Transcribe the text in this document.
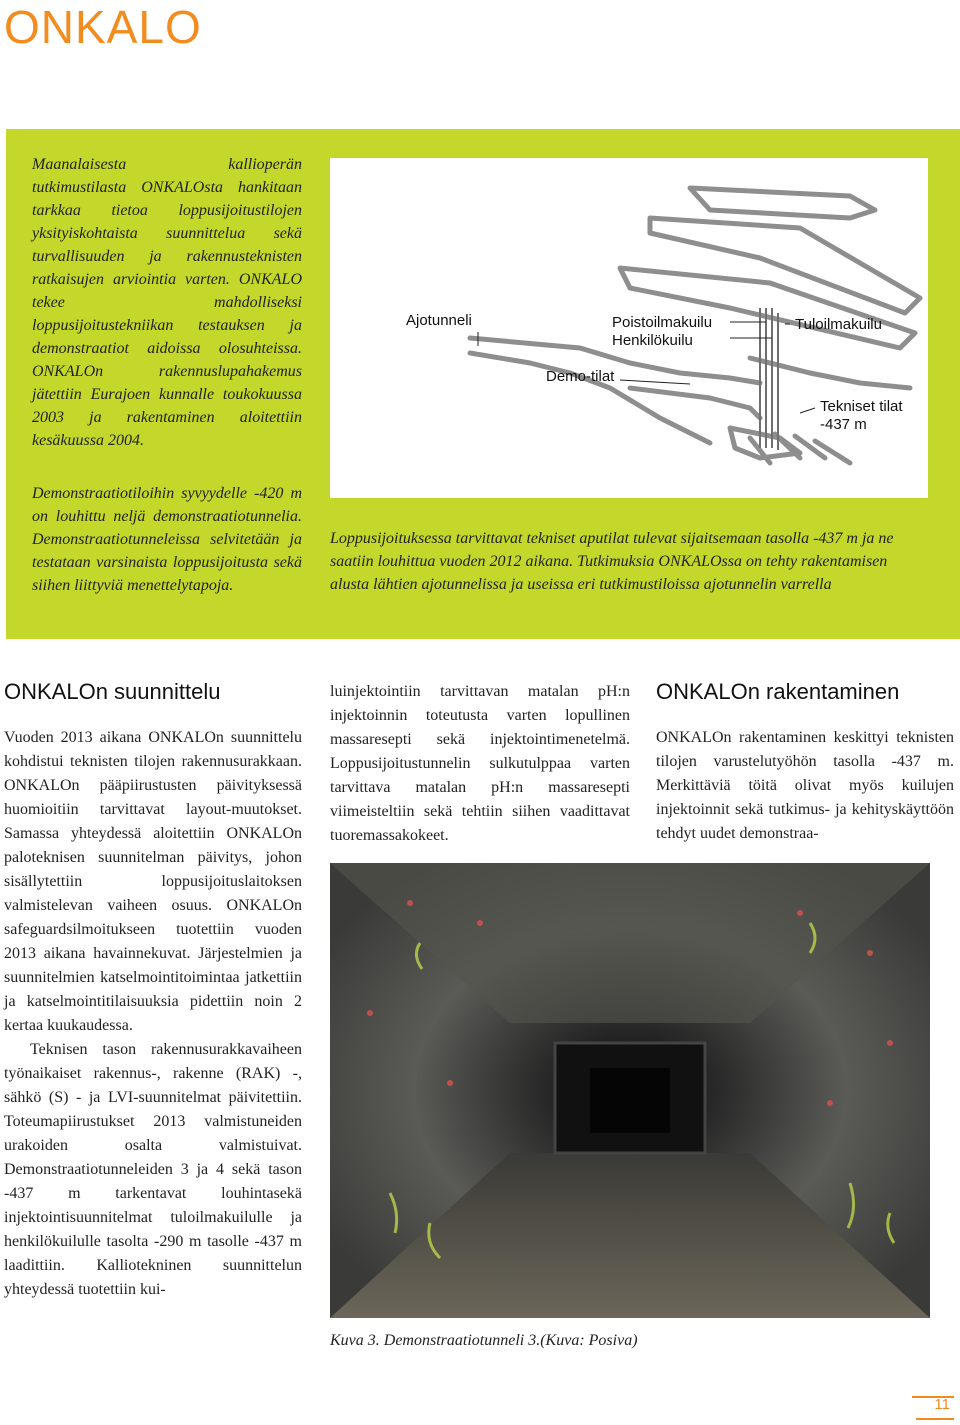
ONKALO

Maanalaisesta kallioperän tutkimustilasta ONKALOsta hankitaan tarkkaa tietoa loppusijoitustilojen yksityiskohtaista suunnittelua sekä turvallisuuden ja rakennusteknisten ratkaisujen arviointia varten. ONKALO tekee mahdolliseksi loppusijoitustekniikan testauksen ja demonstraatiot aidoissa olosuhteissa. ONKALOn rakennuslupahakemus jätettiin Eurajoen kunnalle toukokuussa 2003 ja rakentaminen aloitettiin kesäkuussa 2004.

Demonstraatiotiloihin syvyydelle -420 m on louhittu neljä demonstraatiotunnelia. Demonstraatiotunneleissa selvitetään ja testataan varsinaista loppusijoitusta sekä siihen liittyviä menettelytapoja.

Ajotunneli	Poistoilmakuilu
Henkilökuilu
Tuloilmakuilu
Demo-tilat
Tekniset tilat
-437 m
Loppusijoituksessa tarvittavat tekniset aputilat tulevat sijaitsemaan tasolla -437 m ja ne saatiin louhittua vuoden 2012 aikana. Tutkimuksia ONKALOssa on tehty rakentamisen alusta lähtien ajotunnelissa ja useissa eri tutkimustiloissa ajotunnelin varrella
ONKALOn suunnittelu

Vuoden 2013 aikana ONKALOn suunnittelu kohdistui teknisten tilojen rakennusurakkaan. ONKALOn pääpiirustusten päivityksessä huomioitiin tarvittavat layout-muutokset. Samassa yhteydessä aloitettiin ONKALOn paloteknisen suunnitelman päivitys, johon sisällytettiin loppusijoituslaitoksen valmistelevan vaiheen osuus. ONKALOn safeguardsilmoitukseen tuotettiin vuoden 2013 aikana havainnekuvat. Järjestelmien ja suunnitelmien katselmointitoimintaa jatkettiin ja katselmointitilaisuuksia pidettiin noin 2 kertaa kuukaudessa.

Teknisen tason rakennusurakkavaiheen työnaikaiset rakennus-, rakenne (RAK) -, sähkö (S) - ja LVI-suunnitelmat päivitettiin. Toteumapiirustukset 2013 valmistuneiden urakoiden osalta valmistuivat. Demonstraatiotunneleiden 3 ja 4 sekä tason -437 m tarkentavat louhintasekä injektointisuunnitelmat tuloilmakuilulle ja henkilökuilulle tasolta -290 m tasolle -437 m laadittiin. Kalliotekninen suunnittelun yhteydessä tuotettiin kui-

luinjektointiin tarvittavan matalan pH:n injektoinnin toteutusta varten lopullinen massaresepti sekä injektointimenetelmä. Loppusijoitustunnelin sulkutulppaa varten tarvittava matalan pH:n massaresepti viimeisteltiin sekä tehtiin siihen vaadittavat tuoremassakokeet.

ONKALOn rakentaminen

ONKALOn rakentaminen keskittyi teknisten tilojen varustelutyöhön tasolla -437 m. Merkittäviä töitä olivat myös kuilujen injektoinnit sekä tutkimus- ja kehityskäyttöön tehdyt uudet demonstraa-

Kuva 3. Demonstraatiotunneli 3.(Kuva: Posiva)
11
